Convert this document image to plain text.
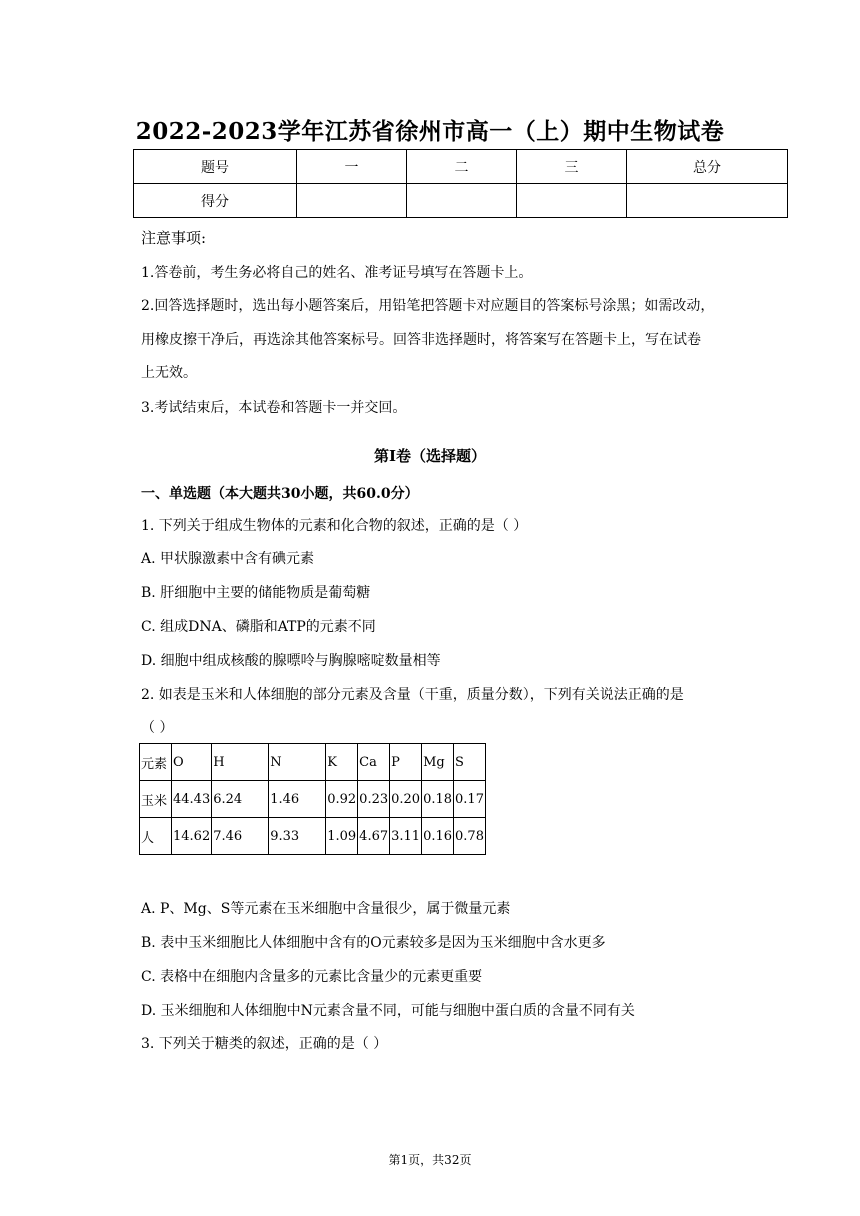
2022-2023学年江苏省徐州市高一（上）期中生物试卷
题号	一	二	三	总分
得分				
注意事项:
1.答卷前，考生务必将自己的姓名、准考证号填写在答题卡上。
2.回答选择题时，选出每小题答案后，用铅笔把答题卡对应题目的答案标号涂黑；如需改动，
用橡皮擦干净后，再选涂其他答案标号。回答非选择题时，将答案写在答题卡上，写在试卷
上无效。
3.考试结束后，本试卷和答题卡一并交回。
第I卷（选择题）
一、单选题（本大题共30小题，共60.0分）
1. 下列关于组成生物体的元素和化合物的叙述，正确的是（ ）
A. 甲状腺激素中含有碘元素
B. 肝细胞中主要的储能物质是葡萄糖
C. 组成DNA、磷脂和ATP的元素不同
D. 细胞中组成核酸的腺嘌呤与胸腺嘧啶数量相等
2. 如表是玉米和人体细胞的部分元素及含量（干重，质量分数），下列有关说法正确的是
（ ）
元素	O	H	N	K	Ca	P	Mg	S
玉米	44.43	6.24	1.46	0.92	0.23	0.20	0.18	0.17
人	14.62	7.46	9.33	1.09	4.67	3.11	0.16	0.78
A. P、Mg、S等元素在玉米细胞中含量很少，属于微量元素
B. 表中玉米细胞比人体细胞中含有的O元素较多是因为玉米细胞中含水更多
C. 表格中在细胞内含量多的元素比含量少的元素更重要
D. 玉米细胞和人体细胞中N元素含量不同，可能与细胞中蛋白质的含量不同有关
3. 下列关于糖类的叙述，正确的是（ ）
第1页，共32页
